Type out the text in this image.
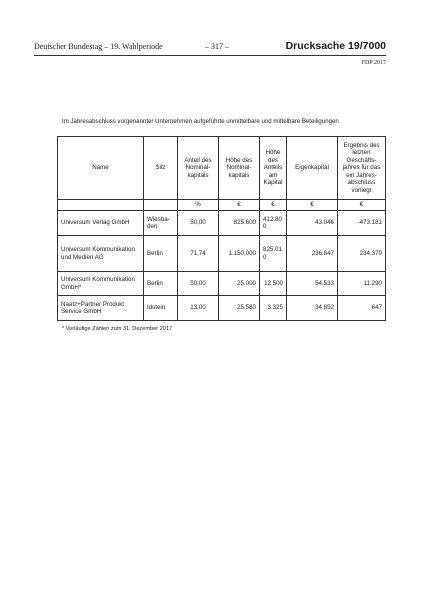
Deutscher Bundestag – 19. Wahlperiode	– 317 –	Drucksache 19/7000
FDP 2017
Im Jahresabschluss vorgenannter Unternehmen aufgeführte unmittelbare und mittelbare Beteiligungen
Name	Sitz	Anteil des Nominal-kapitals	Höhe des Nominal-kapitals	Höhe des Anteils am Kapital	Eigenkapital	Ergebnis des letzten Geschäfts-jahres für das ein Jahres-abschluss vorliegt
		%	€	€	€	€
Universum Verlag GmbH	Wiesba-den	50,00	825.600	412.800	43.046	-473.181
Universum Kommunikation und Medien AG	Berlin	71,74	1.150.000	825.010	236.847	234.370
Universum Kommunikation GmbH*	Berlin	50,00	25.000	12.500	54.533	11.290
Naatz+Partner Produkt Service GmbH	Idstein	13,00	25.580	3.325	34.852	647
* Vorläufige Zahlen zum 31. Dezember 2017
